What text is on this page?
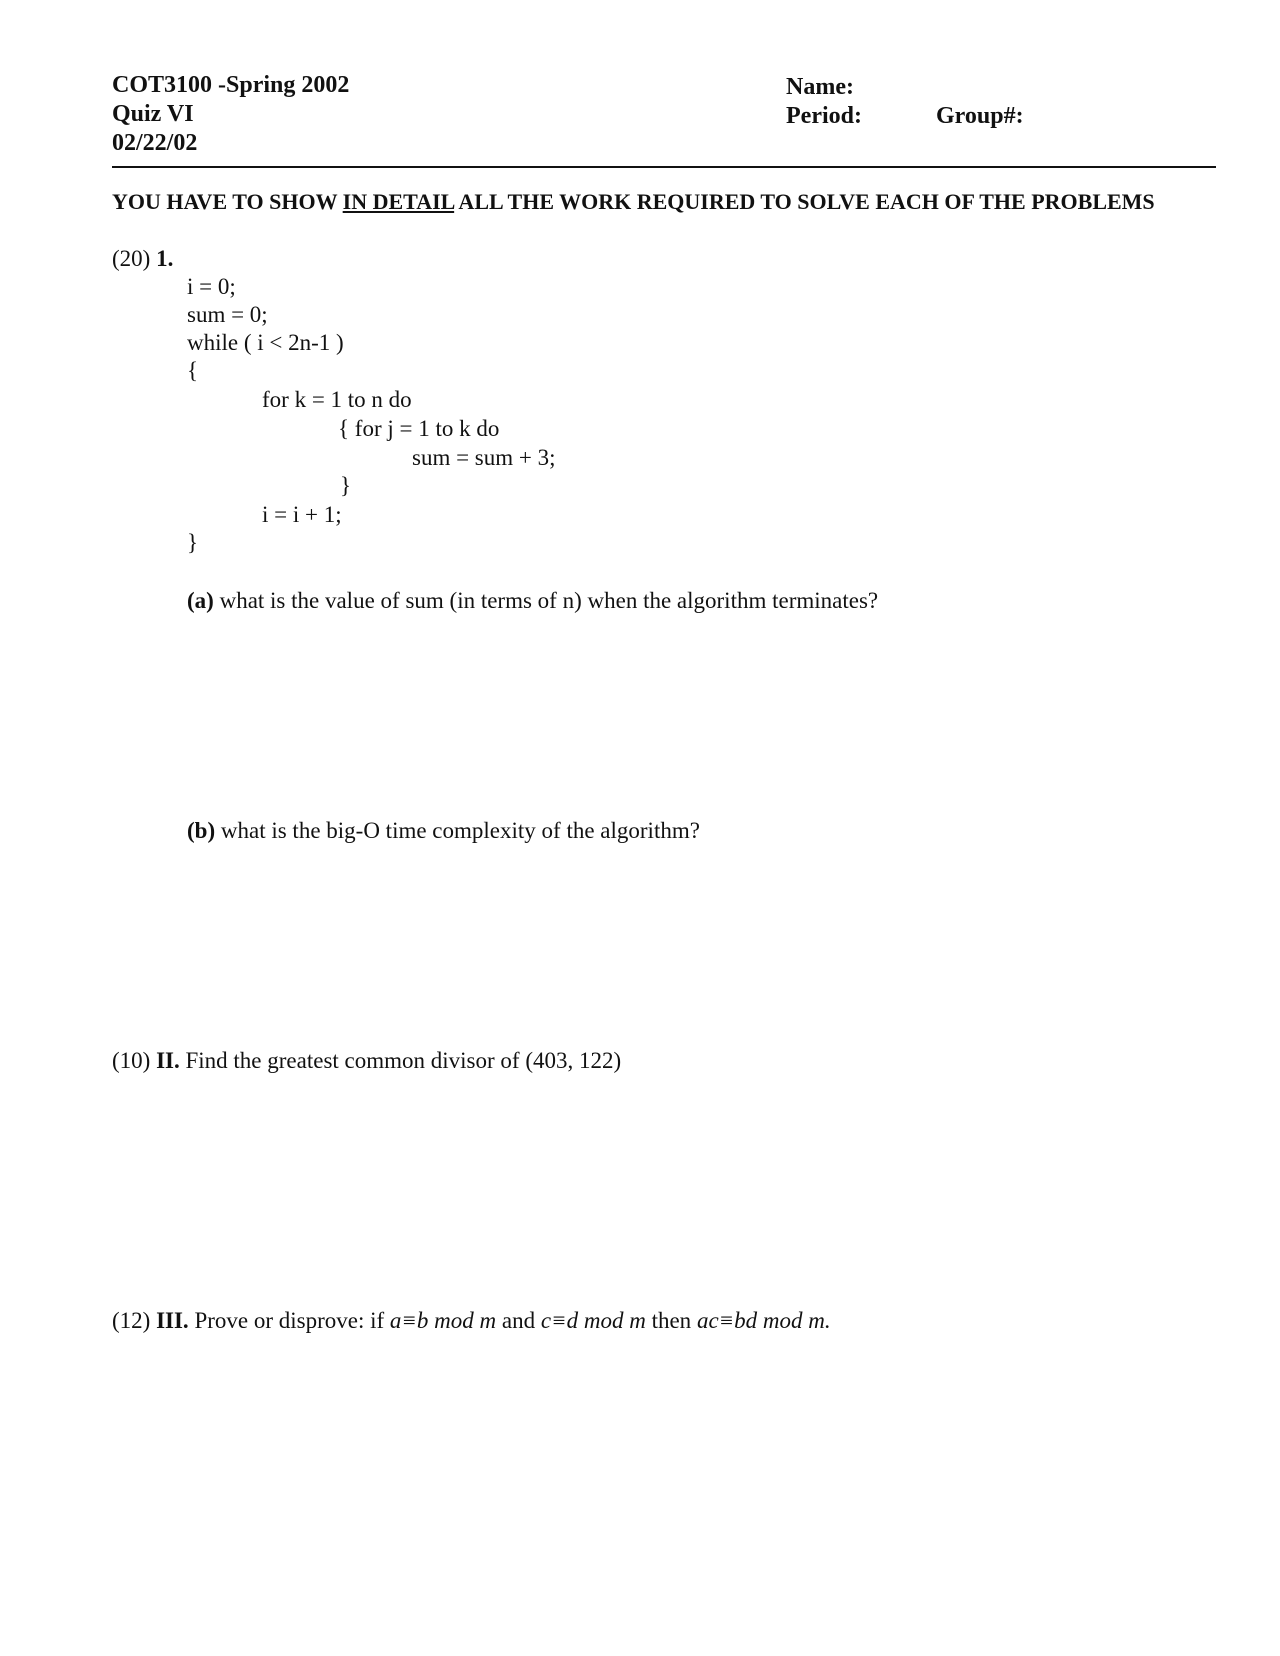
COT3100 -Spring 2002
Quiz VI
02/22/02
Name:
Period:	Group#:
YOU HAVE TO SHOW IN DETAIL ALL THE WORK REQUIRED TO SOLVE EACH OF THE PROBLEMS
(20) 1.
i = 0;
sum = 0;
while ( i < 2n-1 )
{
for k = 1 to n do
{ for j = 1 to k do
sum = sum + 3;
}
i = i + 1;
}
(a) what is the value of sum (in terms of n) when the algorithm terminates?
(b) what is the big-O time complexity of the algorithm?
(10) II. Find the greatest common divisor of (403, 122)
(12) III. Prove or disprove: if a≡b mod m and c≡d mod m then ac≡bd mod m.
